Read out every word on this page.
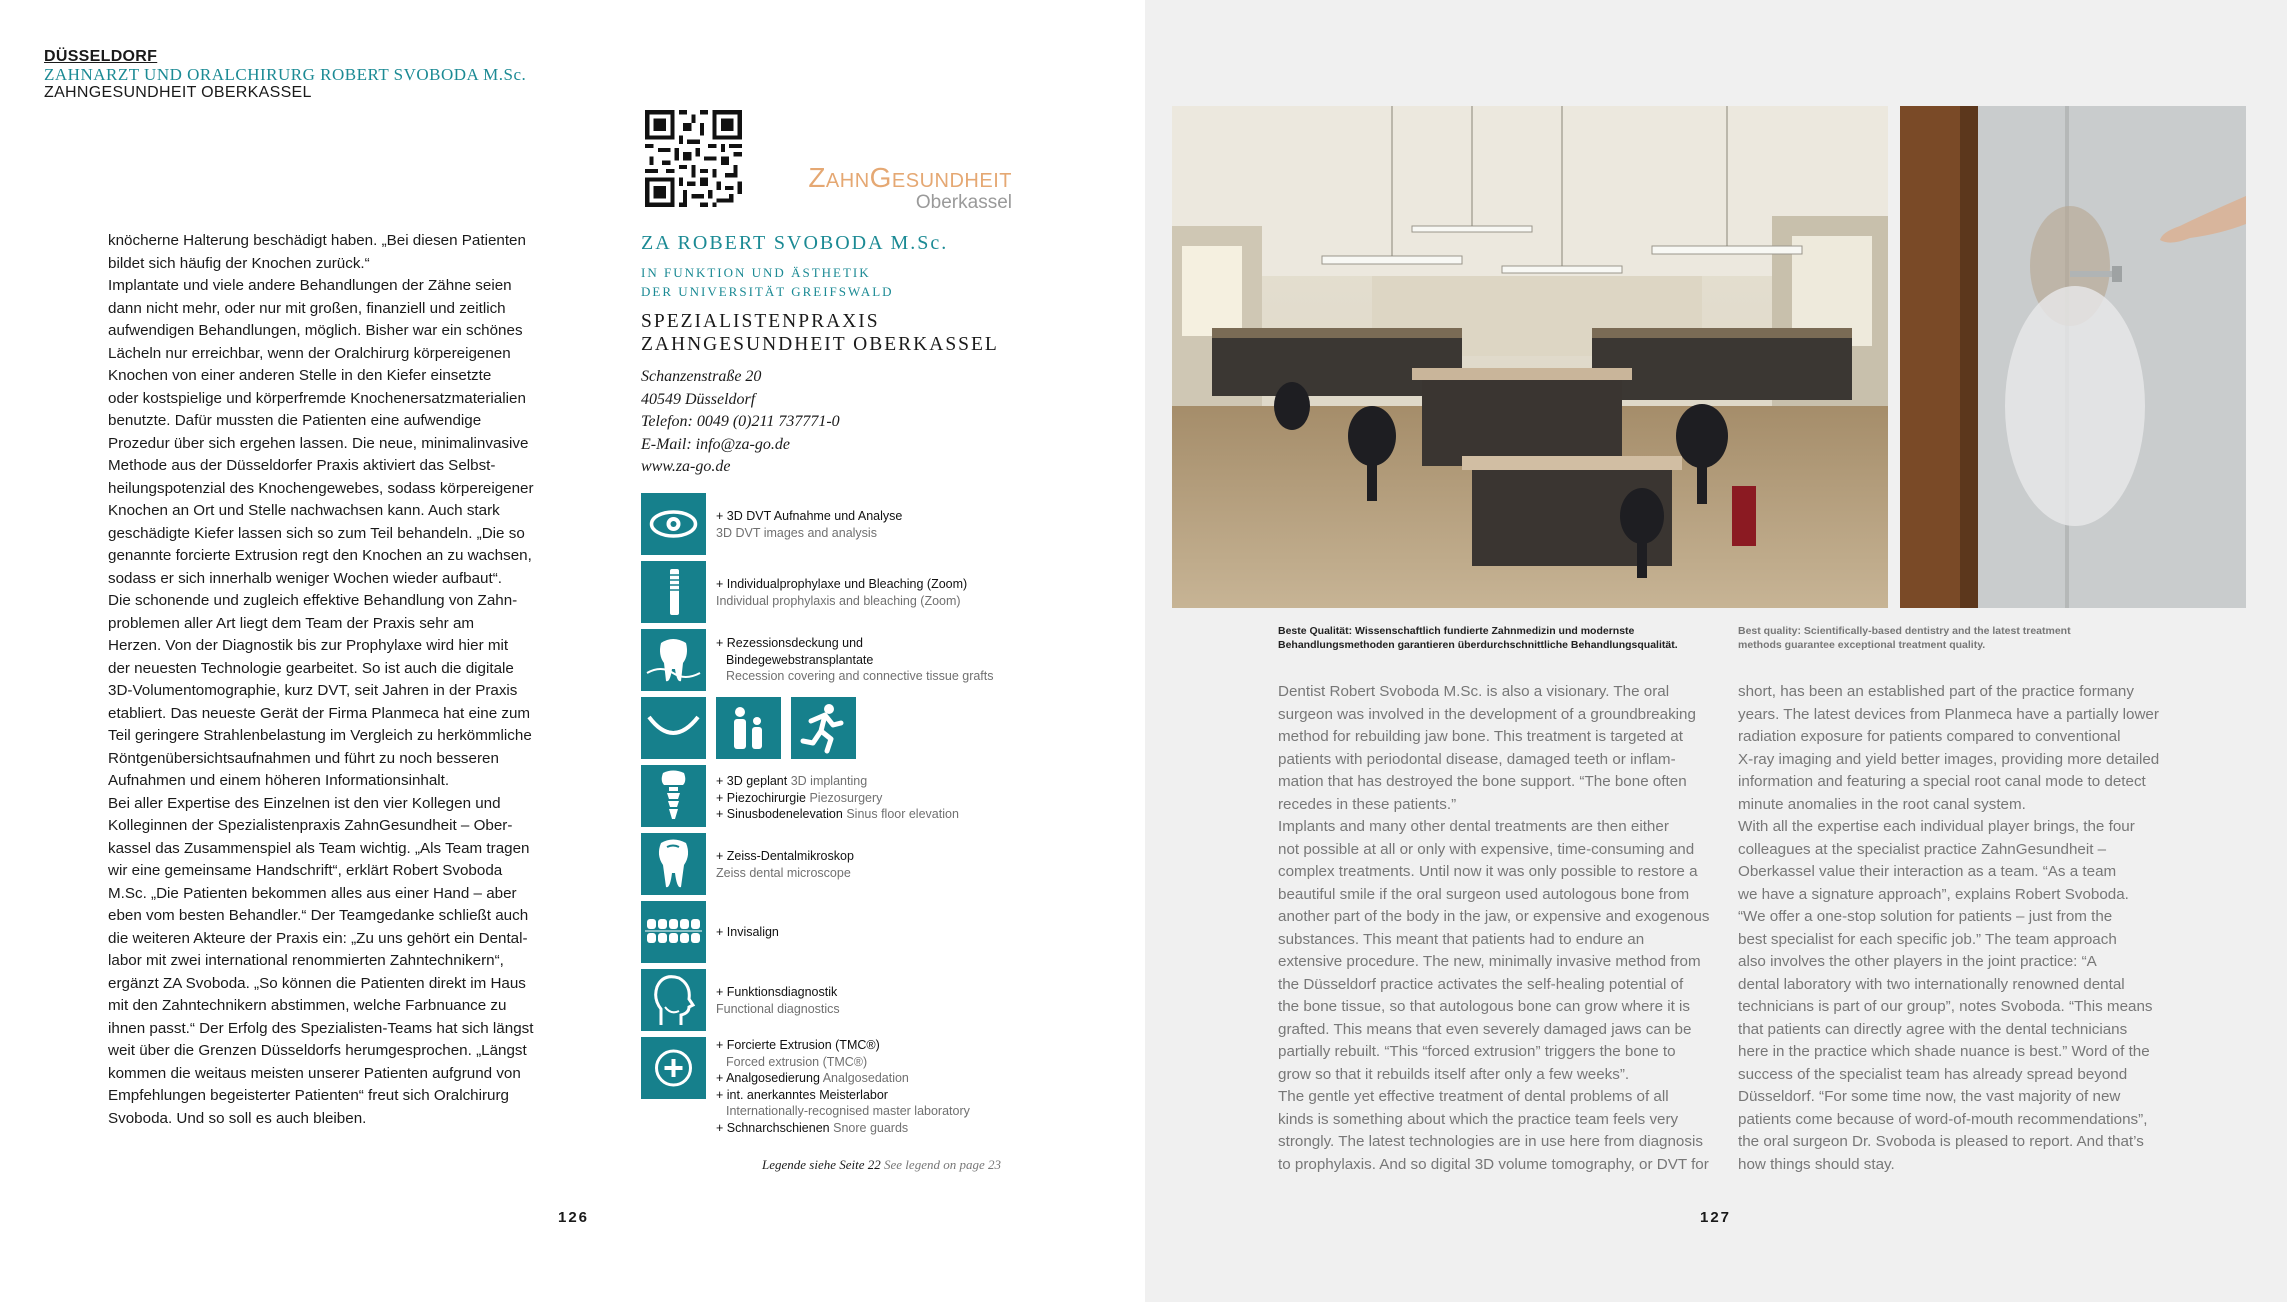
DÜSSELDORF
ZAHNARZT UND ORALCHIRURG ROBERT SVOBODA M.Sc.
ZAHNGESUNDHEIT OBERKASSEL

knöcherne Halterung beschädigt haben. „Bei diesen Patienten

bildet sich häufig der Knochen zurück.“

Implantate und viele andere Behandlungen der Zähne seien

dann nicht mehr, oder nur mit großen, finanziell und zeitlich

aufwendigen Behandlungen, möglich. Bisher war ein schönes

Lächeln nur erreichbar, wenn der Oralchirurg körpereigenen

Knochen von einer anderen Stelle in den Kiefer einsetzte

oder kostspielige und körperfremde Knochenersatzmaterialien

benutzte. Dafür mussten die Patienten eine aufwendige

Prozedur über sich ergehen lassen. Die neue, minimalinvasive

Methode aus der Düsseldorfer Praxis aktiviert das Selbst-

heilungspotenzial des Knochengewebes, sodass körpereigener

Knochen an Ort und Stelle nachwachsen kann. Auch stark

geschädigte Kiefer lassen sich so zum Teil behandeln. „Die so

genannte forcierte Extrusion regt den Knochen an zu wachsen,

sodass er sich innerhalb weniger Wochen wieder aufbaut“.

Die schonende und zugleich effektive Behandlung von Zahn-

problemen aller Art liegt dem Team der Praxis sehr am

Herzen. Von der Diagnostik bis zur Prophylaxe wird hier mit

der neuesten Technologie gearbeitet. So ist auch die digitale

3D-Volumentomographie, kurz DVT, seit Jahren in der Praxis

etabliert. Das neueste Gerät der Firma Planmeca hat eine zum

Teil geringere Strahlenbelastung im Vergleich zu herkömmliche

Röntgenübersichtsaufnahmen und führt zu noch besseren

Aufnahmen und einem höheren Informationsinhalt.

Bei aller Expertise des Einzelnen ist den vier Kollegen und

Kolleginnen der Spezialistenpraxis ZahnGesundheit – Ober-

kassel das Zusammenspiel als Team wichtig. „Als Team tragen

wir eine gemeinsame Handschrift“, erklärt Robert Svoboda

M.Sc. „Die Patienten bekommen alles aus einer Hand – aber

eben vom besten Behandler.“ Der Teamgedanke schließt auch

die weiteren Akteure der Praxis ein: „Zu uns gehört ein Dental-

labor mit zwei international renommierten Zahntechnikern“,

ergänzt ZA Svoboda. „So können die Patienten direkt im Haus

mit den Zahntechnikern abstimmen, welche Farbnuance zu

ihnen passt.“ Der Erfolg des Spezialisten-Teams hat sich längst

weit über die Grenzen Düsseldorfs herumgesprochen. „Längst

kommen die weitaus meisten unserer Patienten aufgrund von

Empfehlungen begeisterter Patienten“ freut sich Oralchirurg

Svoboda. Und so soll es auch bleiben.

ZahnGesundheit
Oberkassel
ZA ROBERT SVOBODA M.Sc.
IN FUNKTION UND ÄSTHETIK
DER UNIVERSITÄT GREIFSWALD
SPEZIALISTENPRAXIS
ZAHNGESUNDHEIT OBERKASSEL
Schanzenstraße 20
40549 Düsseldorf
Telefon: 0049 (0)211 737771-0
E-Mail: info@za-go.de
www.za-go.de
+ 3D DVT Aufnahme und Analyse
3D DVT images and analysis
+ Individualprophylaxe und Bleaching (Zoom)
Individual prophylaxis and bleaching (Zoom)
+ Rezessionsdeckung und
Bindegewebstransplantate
Recession covering and connective tissue grafts
+ 3D geplant 3D implanting
+ Piezochirurgie Piezosurgery
+ Sinusbodenelevation Sinus floor elevation
+ Zeiss-Dentalmikroskop
Zeiss dental microscope
+ Invisalign
+ Funktionsdiagnostik
Functional diagnostics
+ Forcierte Extrusion (TMC®)
Forced extrusion (TMC®)
+ Analgosedierung Analgosedation
+ int. anerkanntes Meisterlabor
Internationally-recognised master laboratory
+ Schnarchschienen Snore guards
Legende siehe Seite 22 See legend on page 23
126
Beste Qualität: Wissenschaftlich fundierte Zahnmedizin und modernste
Behandlungsmethoden garantieren überdurchschnittliche Behandlungsqualität.
Best quality: Scientifically-based dentistry and the latest treatment
methods guarantee exceptional treatment quality.

Dentist Robert Svoboda M.Sc. is also a visionary. The oral

surgeon was involved in the development of a groundbreaking

method for rebuilding jaw bone. This treatment is targeted at

patients with periodontal disease, damaged teeth or inflam-

mation that has destroyed the bone support. “The bone often

recedes in these patients.”

Implants and many other dental treatments are then either

not possible at all or only with expensive, time-consuming and

complex treatments. Until now it was only possible to restore a

beautiful smile if the oral surgeon used autologous bone from

another part of the body in the jaw, or expensive and exogenous

substances. This meant that patients had to endure an

extensive procedure. The new, minimally invasive method from

the Düsseldorf practice activates the self-healing potential of

the bone tissue, so that autologous bone can grow where it is

grafted. This means that even severely damaged jaws can be

partially rebuilt. “This “forced extrusion” triggers the bone to

grow so that it rebuilds itself after only a few weeks”.

The gentle yet effective treatment of dental problems of all

kinds is something about which the practice team feels very

strongly. The latest technologies are in use here from diagnosis

to prophylaxis. And so digital 3D volume tomography, or DVT for

short, has been an established part of the practice formany

years. The latest devices from Planmeca have a partially lower

radiation exposure for patients compared to conventional

X-ray imaging and yield better images, providing more detailed

information and featuring a special root canal mode to detect

minute anomalies in the root canal system.

With all the expertise each individual player brings, the four

colleagues at the specialist practice ZahnGesundheit –

Oberkassel value their interaction as a team. “As a team

we have a signature approach”, explains Robert Svoboda.

“We offer a one-stop solution for patients – just from the

best specialist for each specific job.” The team approach

also involves the other players in the joint practice: “A

dental laboratory with two internationally renowned dental

technicians is part of our group”, notes Svoboda. “This means

that patients can directly agree with the dental technicians

here in the practice which shade nuance is best.” Word of the

success of the specialist team has already spread beyond

Düsseldorf. “For some time now, the vast majority of new

patients come because of word-of-mouth recommendations”,

the oral surgeon Dr. Svoboda is pleased to report. And that’s

how things should stay.

127
